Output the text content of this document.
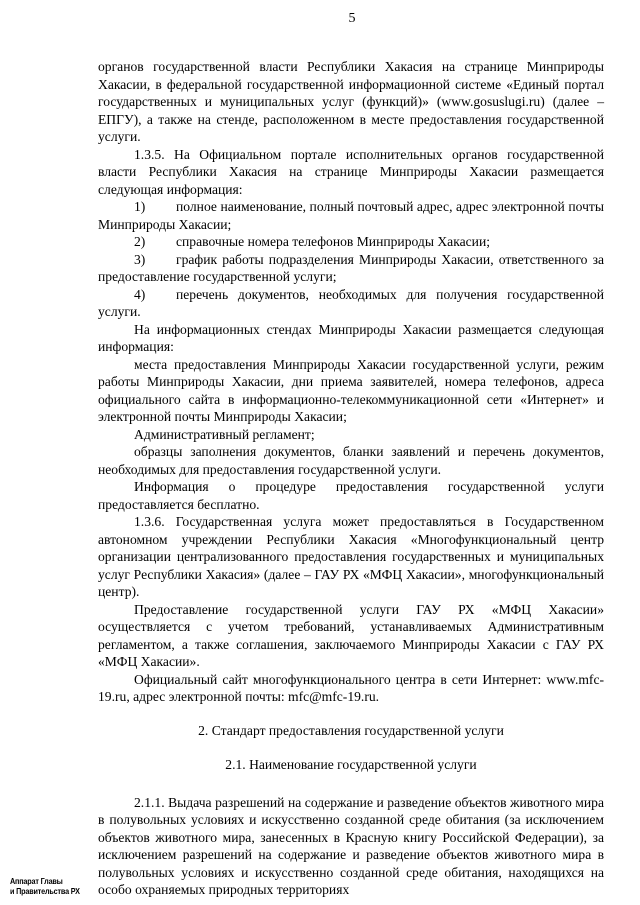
5

органов государственной власти Республики Хакасия на странице Минприроды Хакасии, в федеральной государственной информационной системе «Единый портал государственных и муниципальных услуг (функций)» (www.gosuslugi.ru) (далее – ЕПГУ), а также на стенде, расположенном в месте предоставления государственной услуги.

1.3.5. На Официальном портале исполнительных органов государственной власти Республики Хакасия на странице Минприроды Хакасии размещается следующая информация:

1) полное наименование, полный почтовый адрес, адрес электронной почты Минприроды Хакасии;

2) справочные номера телефонов Минприроды Хакасии;

3) график работы подразделения Минприроды Хакасии, ответственного за предоставление государственной услуги;

4) перечень документов, необходимых для получения государственной услуги.

На информационных стендах Минприроды Хакасии размещается следующая информация:

места предоставления Минприроды Хакасии государственной услуги, режим работы Минприроды Хакасии, дни приема заявителей, номера телефонов, адреса официального сайта в информационно-телекоммуникационной сети «Интернет» и электронной почты Минприроды Хакасии;

Административный регламент;

образцы заполнения документов, бланки заявлений и перечень документов, необходимых для предоставления государственной услуги.

Информация о процедуре предоставления государственной услуги предоставляется бесплатно.

1.3.6. Государственная услуга может предоставляться в Государственном автономном учреждении Республики Хакасия «Многофункциональный центр организации централизованного предоставления государственных и муниципальных услуг Республики Хакасия» (далее – ГАУ РХ «МФЦ Хакасии», многофункциональный центр).

Предоставление государственной услуги ГАУ РХ «МФЦ Хакасии» осуществляется с учетом требований, устанавливаемых Административным регламентом, а также соглашения, заключаемого Минприроды Хакасии с ГАУ РХ «МФЦ Хакасии».

Официальный сайт многофункционального центра в сети Интернет: www.mfc-19.ru, адрес электронной почты: mfc@mfc-19.ru.

2. Стандарт предоставления государственной услуги

2.1. Наименование государственной услуги

2.1.1. Выдача разрешений на содержание и разведение объектов животного мира в полувольных условиях и искусственно созданной среде обитания (за исключением объектов животного мира, занесенных в Красную книгу Российской Федерации), за исключением разрешений на содержание и разведение объектов животного мира в полувольных условиях и искусственно созданной среде обитания, находящихся на особо охраняемых природных территориях

Аппарат Главы
и Правительства РХ
